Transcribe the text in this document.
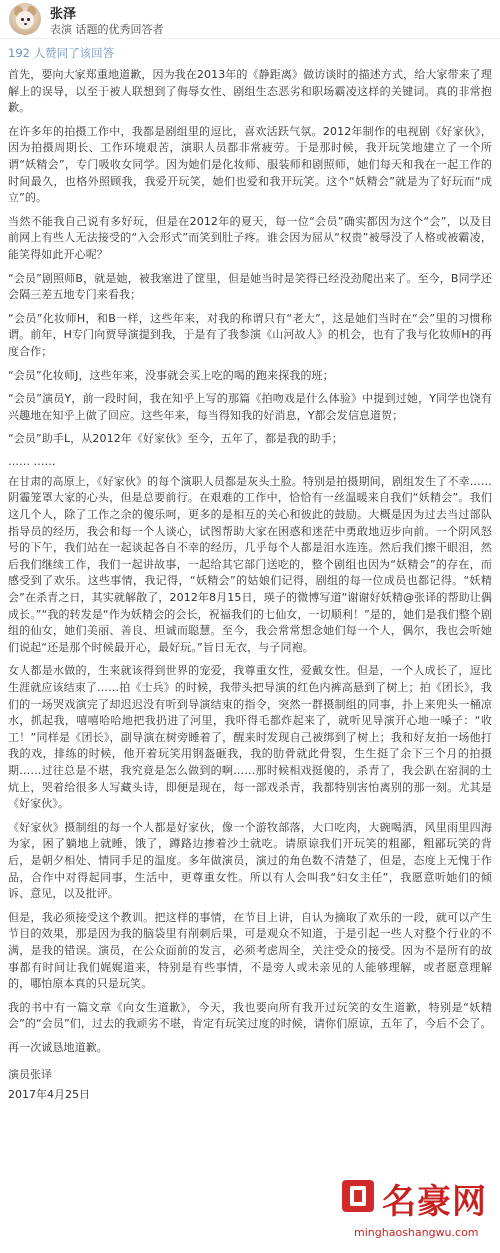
张泽
表演 话题的优秀回答者
192 人赞同了该回答

首先，要向大家郑重地道歉，因为我在2013年的《静距离》做访谈时的描述方式，给大家带来了理解上的误导，以至于被人联想到了侮辱女性、剧组生态恶劣和职场霸凌这样的关键词。真的非常抱歉。

在许多年的拍摄工作中，我都是剧组里的逗比，喜欢活跃气氛。2012年制作的电视剧《好家伙》，因为拍摄周期长、工作环境艰苦，演职人员都非常疲劳。于是那时候，我开玩笑地建立了一个所谓“妖精会”，专门吸收女同学。因为她们是化妆师、服装师和剧照师，她们每天和我在一起工作的时间最久，也格外照顾我，我爱开玩笑，她们也爱和我开玩笑。这个“妖精会”就是为了好玩而“成立”的。

当然不能我自己说有多好玩，但是在2012年的夏天，每一位“会员”确实都因为这个“会”，以及目前网上有些人无法接受的“入会形式”而笑到肚子疼。谁会因为屈从“权贵”被辱没了人格或被霸凌，能笑得如此开心呢？

“会员”剧照师B，就是她，被我塞进了筐里，但是她当时是笑得已经没劲爬出来了。至今，B同学还会隔三差五地专门来看我；

“会员”化妆师H，和B一样，这些年来，对我的称谓只有“老大”，这是她们当时在“会”里的习惯称谓。前年，H专门向贾导演提到我，于是有了我参演《山河故人》的机会，也有了我与化妆师H的再度合作；

“会员”化妆师J，这些年来，没事就会买上吃的喝的跑来探我的班；

“会员”演员Y，前一段时间，我在知乎上写的那篇《拍吻戏是什么体验》中提到过她，Y同学也饶有兴趣地在知乎上做了回应。这些年来，每当得知我的好消息，Y都会发信息道贺；

“会员”助手L，从2012年《好家伙》至今，五年了，都是我的助手；

…… ……

在甘肃的高原上，《好家伙》的每个演职人员都是灰头土脸。特别是拍摄期间，剧组发生了不幸……阴霾笼罩大家的心头，但是总要前行。在艰难的工作中，恰恰有一丝温暖来自我们“妖精会”。我们这几个人，除了工作之余的傻乐呵，更多的是相互的关心和彼此的鼓励。大概是因为过去当过部队指导员的经历，我会和每一个人谈心，试图帮助大家在困惑和迷茫中勇敢地迈步向前。一个阴风怒号的下午，我们站在一起谈起各自不幸的经历，几乎每个人都是泪水连连。然后我们擦干眼泪，然后我们继续工作，我们一起讲故事，一起给其它部门送吃的，整个剧组也因为“妖精会”的存在，而感受到了欢乐。这些事情，我记得，“妖精会”的姑娘们记得，剧组的每一位成员也都记得。“妖精会”在杀青之日，其实就解散了，2012年8月15日，瑛子的微博写道“谢谢好妖精@张译的帮助让偶成长。”“我的转发是“作为妖精会的会长，祝福我们的七仙女，一切顺利！”是的，她们是我们整个剧组的仙女，她们美丽、善良、坦诚而聪慧。至今，我会常常想念她们每一个人，偶尔，我也会听她们说起“还是那个时候最开心，最好玩。”旨日无衣，与子同袍。

女人都是水做的，生来就该得到世界的宠爱，我尊重女性，爱戴女性。但是，一个人成长了，逗比生涯就应该结束了……拍《士兵》的时候，我带头把导演的红色内裤高悬到了树上；拍《团长》，我们的一场哭戏演完了却迟迟没有听到导演结束的指令，突然一群摄制组的同事，扑上来兜头一桶凉水，抓起我，嘻嘻哈哈地把我扔进了河里，我吓得毛都炸起来了，就听见导演开心地一嗓子：“收工！”同样是《团长》，副导演在树旁睡着了，醒来时发现自己被绑到了树上；我和好友拍一场他打我的戏，排练的时候，他开着玩笑用钢盔砸我，我的肋骨就此骨裂，生生挺了余下三个月的拍摄期……过往总是不堪，我究竟是怎么做到的啊……那时候相戏挺傻的，杀青了，我会趴在窑洞的土炕上，哭着给很多人写藏头诗，即便是现在，每一部戏杀青，我都特别害怕离别的那一刻。尤其是《好家伙》。

《好家伙》摄制组的每一个人都是好家伙，像一个游牧部落，大口吃肉，大碗喝酒，风里雨里四海为家，困了躺地上就睡，饿了，蹲路边掺着沙土就吃。请原谅我们开玩笑的粗鄙，粗鄙玩笑的背后，是朝夕相处、情同手足的温度。多年做演员，演过的角色数不清楚了，但是，态度上无愧于作品，合作中对得起同事，生活中，更尊重女性。所以有人会叫我“妇女主任”，我愿意听她们的倾诉、意见，以及批评。

但是，我必须接受这个教训。把这样的事情，在节目上讲，自认为摘取了欢乐的一段，就可以产生节目的效果，那是因为我的脑袋里有削刺后果，可是观众不知道，于是引起一些人对整个行业的不满，是我的错误。演员，在公众面前的发言，必须考虑周全，关注受众的接受。因为不是所有的故事都有时间让我们娓娓道来，特别是有些事情，不是旁人或未亲见的人能够理解，或者愿意理解的，哪怕原本真的只是玩笑。

我的书中有一篇文章《向女生道歉》，今天，我也要向所有我开过玩笑的女生道歉，特别是“妖精会”的“会员”们，过去的我顽劣不堪，肯定有玩笑过度的时候，请你们原谅，五年了，今后不会了。

再一次诚恳地道歉。

演员张译

2017年4月25日

名豪网
minghaoshangwu.com
